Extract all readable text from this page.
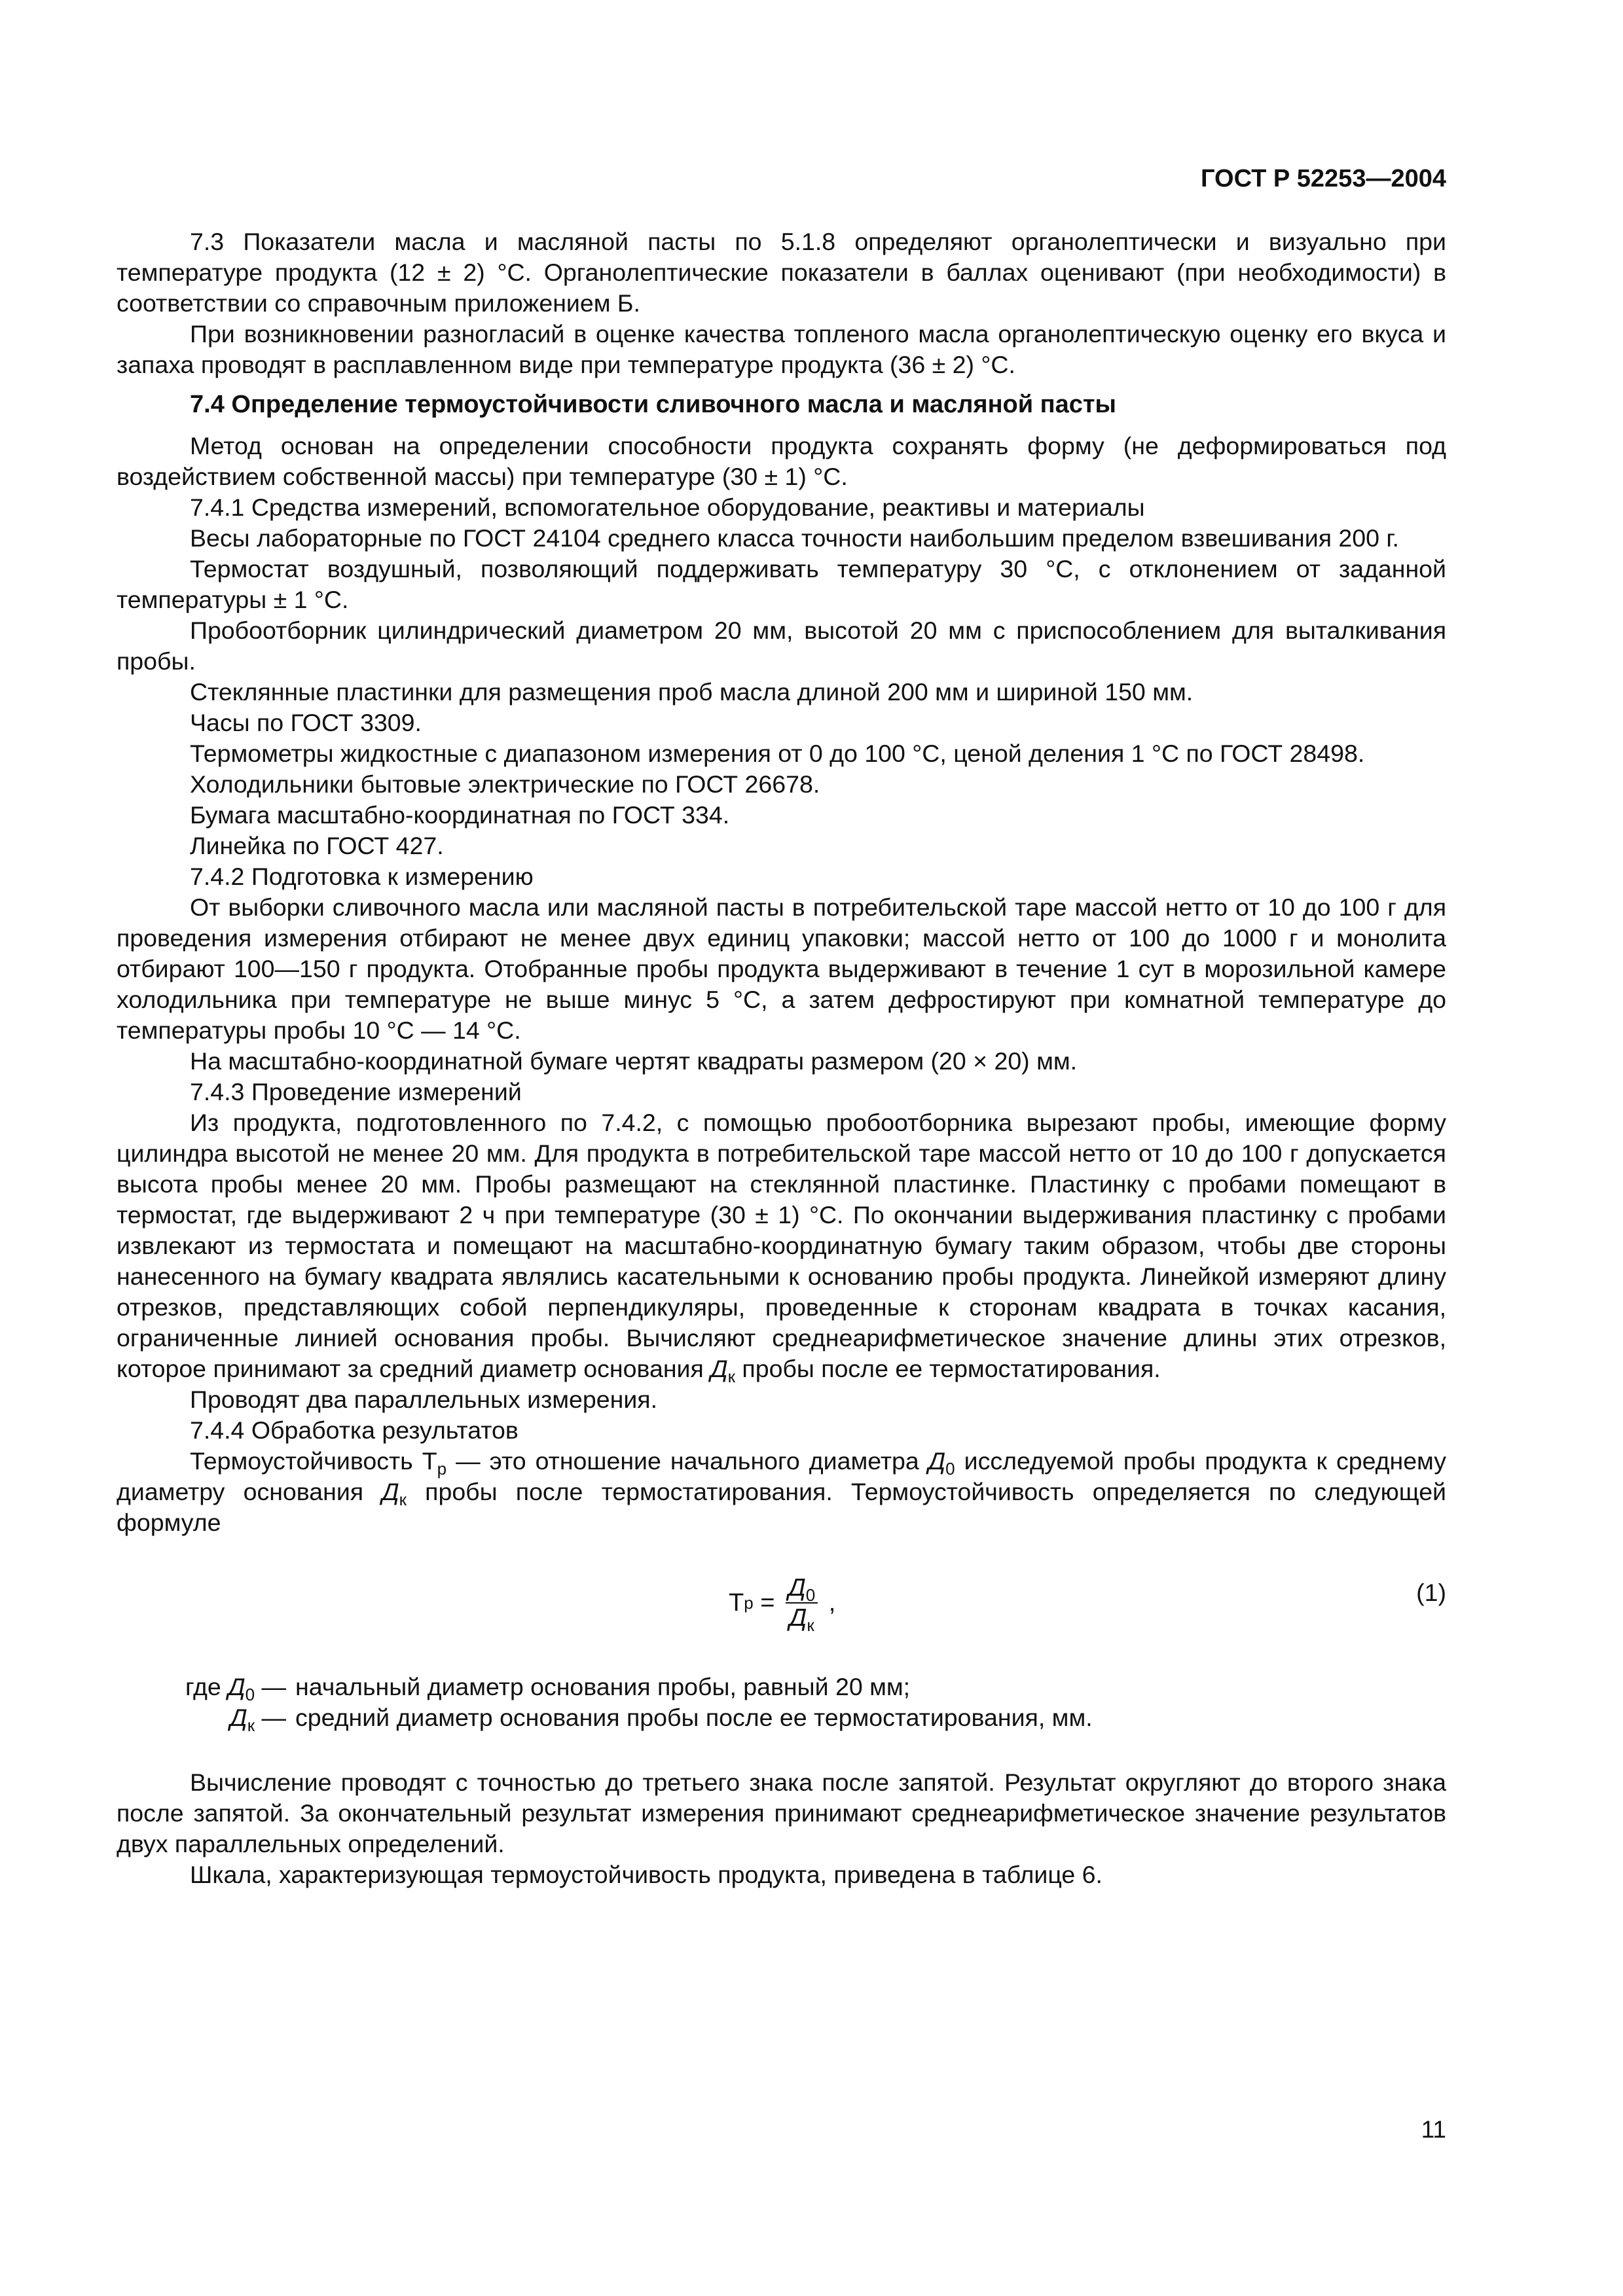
ГОСТ Р 52253—2004

7.3 Показатели масла и масляной пасты по 5.1.8 определяют органолептически и визуально при температуре продукта (12 ± 2) °С. Органолептические показатели в баллах оценивают (при необходимости) в соответствии со справочным приложением Б.

При возникновении разногласий в оценке качества топленого масла органолептическую оценку его вкуса и запаха проводят в расплавленном виде при температуре продукта (36 ± 2) °С.

7.4 Определение термоустойчивости сливочного масла и масляной пасты

Метод основан на определении способности продукта сохранять форму (не деформироваться под воздействием собственной массы) при температуре (30 ± 1) °С.

7.4.1 Средства измерений, вспомогательное оборудование, реактивы и материалы

Весы лабораторные по ГОСТ 24104 среднего класса точности наибольшим пределом взвешивания 200 г.

Термостат воздушный, позволяющий поддерживать температуру 30 °С, с отклонением от заданной температуры ± 1 °С.

Пробоотборник цилиндрический диаметром 20 мм, высотой 20 мм с приспособлением для выталкивания пробы.

Стеклянные пластинки для размещения проб масла длиной 200 мм и шириной 150 мм.

Часы по ГОСТ 3309.

Термометры жидкостные с диапазоном измерения от 0 до 100 °С, ценой деления 1 °С по ГОСТ 28498.

Холодильники бытовые электрические по ГОСТ 26678.

Бумага масштабно-координатная по ГОСТ 334.

Линейка по ГОСТ 427.

7.4.2 Подготовка к измерению

От выборки сливочного масла или масляной пасты в потребительской таре массой нетто от 10 до 100 г для проведения измерения отбирают не менее двух единиц упаковки; массой нетто от 100 до 1000 г и монолита отбирают 100—150 г продукта. Отобранные пробы продукта выдерживают в течение 1 сут в морозильной камере холодильника при температуре не выше минус 5 °С, а затем дефростируют при комнатной температуре до температуры пробы 10 °С — 14 °С.

На масштабно-координатной бумаге чертят квадраты размером (20 × 20) мм.

7.4.3 Проведение измерений

Из продукта, подготовленного по 7.4.2, с помощью пробоотборника вырезают пробы, имеющие форму цилиндра высотой не менее 20 мм. Для продукта в потребительской таре массой нетто от 10 до 100 г допускается высота пробы менее 20 мм. Пробы размещают на стеклянной пластинке. Пластинку с пробами помещают в термостат, где выдерживают 2 ч при температуре (30 ± 1) °С. По окончании выдерживания пластинку с пробами извлекают из термостата и помещают на масштабно-координатную бумагу таким образом, чтобы две стороны нанесенного на бумагу квадрата являлись касательными к основанию пробы продукта. Линейкой измеряют длину отрезков, представляющих собой перпендикуляры, проведенные к сторонам квадрата в точках касания, ограниченные линией основания пробы. Вычисляют среднеарифметическое значение длины этих отрезков, которое принимают за средний диаметр основания $Д_к$ пробы после ее термостатирования.

Проводят два параллельных измерения.

7.4.4 Обработка результатов

Термоустойчивость $Т_р$ — это отношение начального диаметра $Д_0$ исследуемой пробы продукта к среднему диаметру основания $Д_к$ пробы после термостатирования. Термоустойчивость определяется по следующей формуле

Т $р = \frac{Д_0}{Д_к}$ ,	(1)
где $Д_0$ — начальный диаметр основания пробы, равный 20 мм;
$Д_к$ — средний диаметр основания пробы после ее термостатирования, мм.

Вычисление проводят с точностью до третьего знака после запятой. Результат округляют до второго знака после запятой. За окончательный результат измерения принимают среднеарифметическое значение результатов двух параллельных определений.

Шкала, характеризующая термоустойчивость продукта, приведена в таблице 6.

11
